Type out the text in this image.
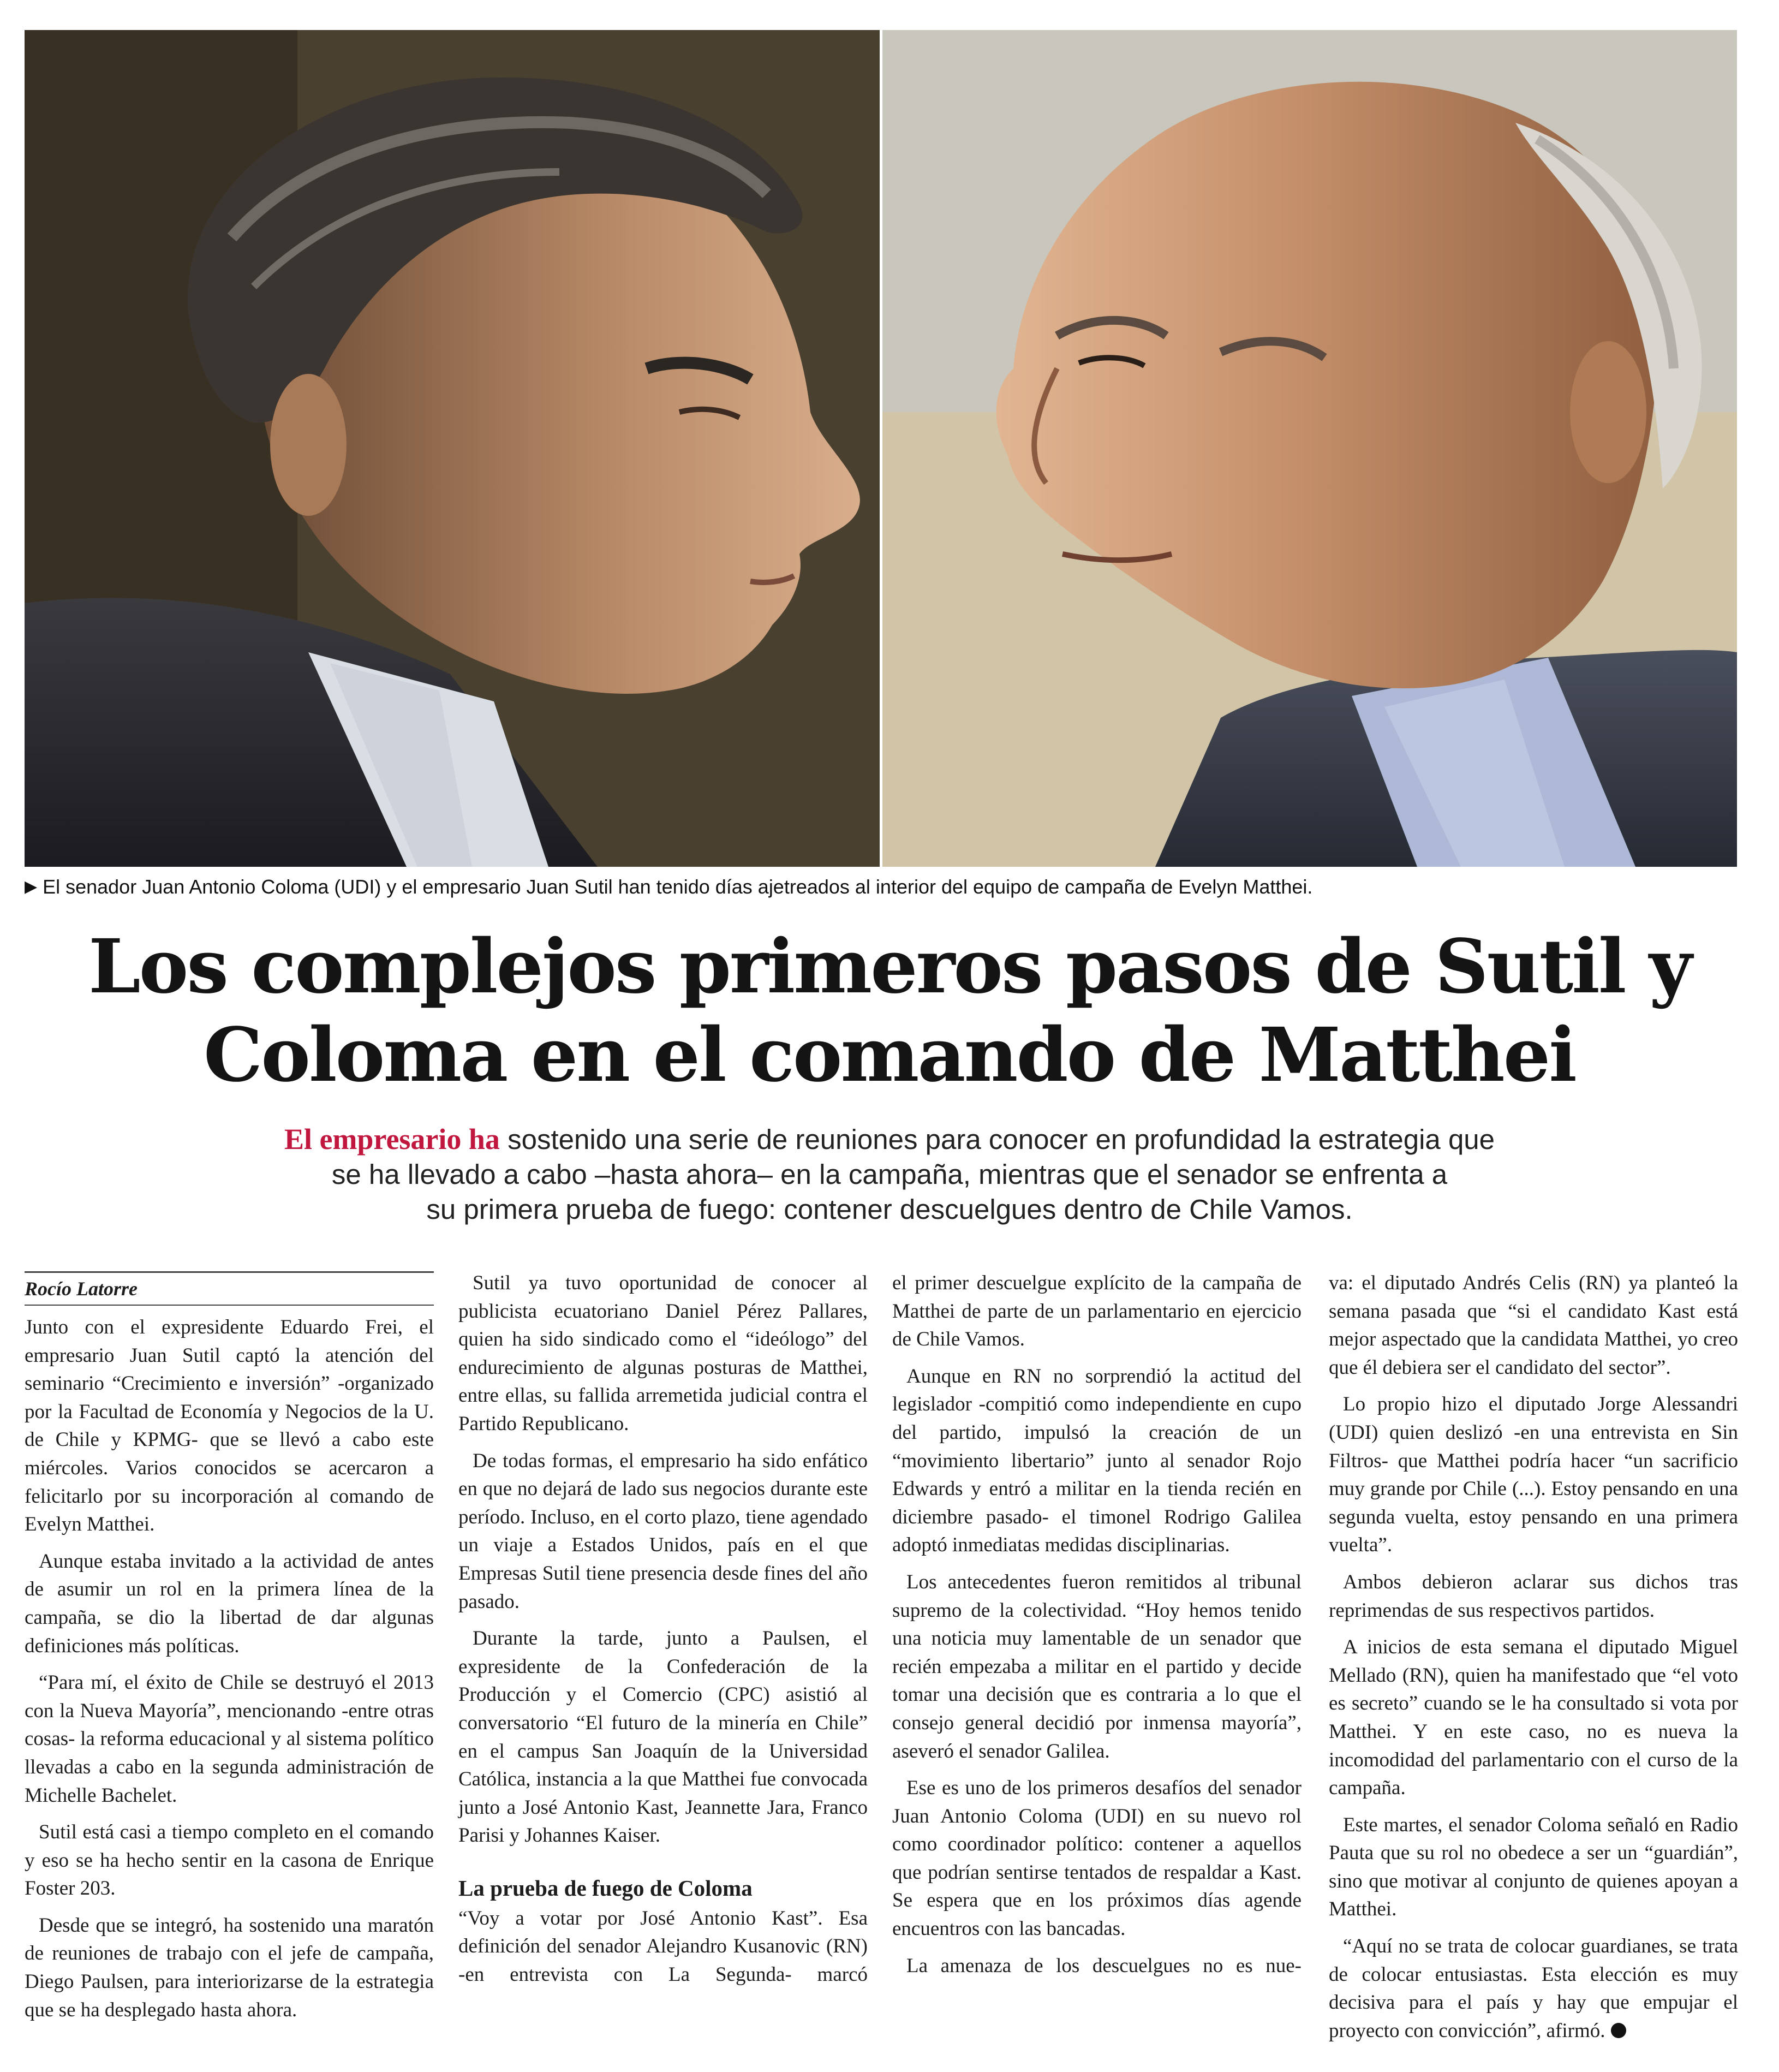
▶ El senador Juan Antonio Coloma (UDI) y el empresario Juan Sutil han tenido días ajetreados al interior del equipo de campaña de Evelyn Matthei.
Los complejos primeros pasos de Sutil y
Coloma en el comando de Matthei
El empresario ha sostenido una serie de reuniones para conocer en profundidad la estrategia que
se ha llevado a cabo –hasta ahora– en la campaña, mientras que el senador se enfrenta a
su primera prueba de fuego: contener descuelgues dentro de Chile Vamos.
Rocío Latorre

Junto con el expresidente Eduardo Frei, el empresario Juan Sutil captó la atención del seminario “Crecimiento e inversión” -organizado por la Facultad de Economía y Negocios de la U. de Chile y KPMG- que se llevó a cabo este miércoles. Varios conocidos se acercaron a felicitarlo por su incorporación al comando de Evelyn Matthei.

Aunque estaba invitado a la actividad de antes de asumir un rol en la primera línea de la campaña, se dio la libertad de dar algunas definiciones más políticas.

“Para mí, el éxito de Chile se destruyó el 2013 con la Nueva Mayoría”, mencionando -entre otras cosas- la reforma educacional y al sistema político llevadas a cabo en la segunda administración de Michelle Bachelet.

Sutil está casi a tiempo completo en el comando y eso se ha hecho sentir en la casona de Enrique Foster 203.

Desde que se integró, ha sostenido una maratón de reuniones de trabajo con el jefe de campaña, Diego Paulsen, para interiorizarse de la estrategia que se ha desplegado hasta ahora.

Sutil ya tuvo oportunidad de conocer al publicista ecuatoriano Daniel Pérez Pallares, quien ha sido sindicado como el “ideólogo” del endurecimiento de algunas posturas de Matthei, entre ellas, su fallida arremetida judicial contra el Partido Republicano.

De todas formas, el empresario ha sido enfático en que no dejará de lado sus negocios durante este período. Incluso, en el corto plazo, tiene agendado un viaje a Estados Unidos, país en el que Empresas Sutil tiene presencia desde fines del año pasado.

Durante la tarde, junto a Paulsen, el expresidente de la Confederación de la Producción y el Comercio (CPC) asistió al conversatorio “El futuro de la minería en Chile” en el campus San Joaquín de la Universidad Católica, instancia a la que Matthei fue convocada junto a José Antonio Kast, Jeannette Jara, Franco Parisi y Johannes Kaiser.

La prueba de fuego de Coloma

“Voy a votar por José Antonio Kast”. Esa definición del senador Alejandro Kusanovic (RN) -en entrevista con La Segunda- marcó

el primer descuelgue explícito de la campaña de Matthei de parte de un parlamentario en ejercicio de Chile Vamos.

Aunque en RN no sorprendió la actitud del legislador -compitió como independiente en cupo del partido, impulsó la creación de un “movimiento libertario” junto al senador Rojo Edwards y entró a militar en la tienda recién en diciembre pasado- el timonel Rodrigo Galilea adoptó inmediatas medidas disciplinarias.

Los antecedentes fueron remitidos al tribunal supremo de la colectividad. “Hoy hemos tenido una noticia muy lamentable de un senador que recién empezaba a militar en el partido y decide tomar una decisión que es contraria a lo que el consejo general decidió por inmensa mayoría”, aseveró el senador Galilea.

Ese es uno de los primeros desafíos del senador Juan Antonio Coloma (UDI) en su nuevo rol como coordinador político: contener a aquellos que podrían sentirse tentados de respaldar a Kast. Se espera que en los próximos días agende encuentros con las bancadas.

La amenaza de los descuelgues no es nue-

va: el diputado Andrés Celis (RN) ya planteó la semana pasada que “si el candidato Kast está mejor aspectado que la candidata Matthei, yo creo que él debiera ser el candidato del sector”.

Lo propio hizo el diputado Jorge Alessandri (UDI) quien deslizó -en una entrevista en Sin Filtros- que Matthei podría hacer “un sacrificio muy grande por Chile (...). Estoy pensando en una segunda vuelta, estoy pensando en una primera vuelta”.

Ambos debieron aclarar sus dichos tras reprimendas de sus respectivos partidos.

A inicios de esta semana el diputado Miguel Mellado (RN), quien ha manifestado que “el voto es secreto” cuando se le ha consultado si vota por Matthei. Y en este caso, no es nueva la incomodidad del parlamentario con el curso de la campaña.

Este martes, el senador Coloma señaló en Radio Pauta que su rol no obedece a ser un “guardián”, sino que motivar al conjunto de quienes apoyan a Matthei.

“Aquí no se trata de colocar guardianes, se trata de colocar entusiastas. Esta elección es muy decisiva para el país y hay que empujar el proyecto con convicción”, afirmó.
